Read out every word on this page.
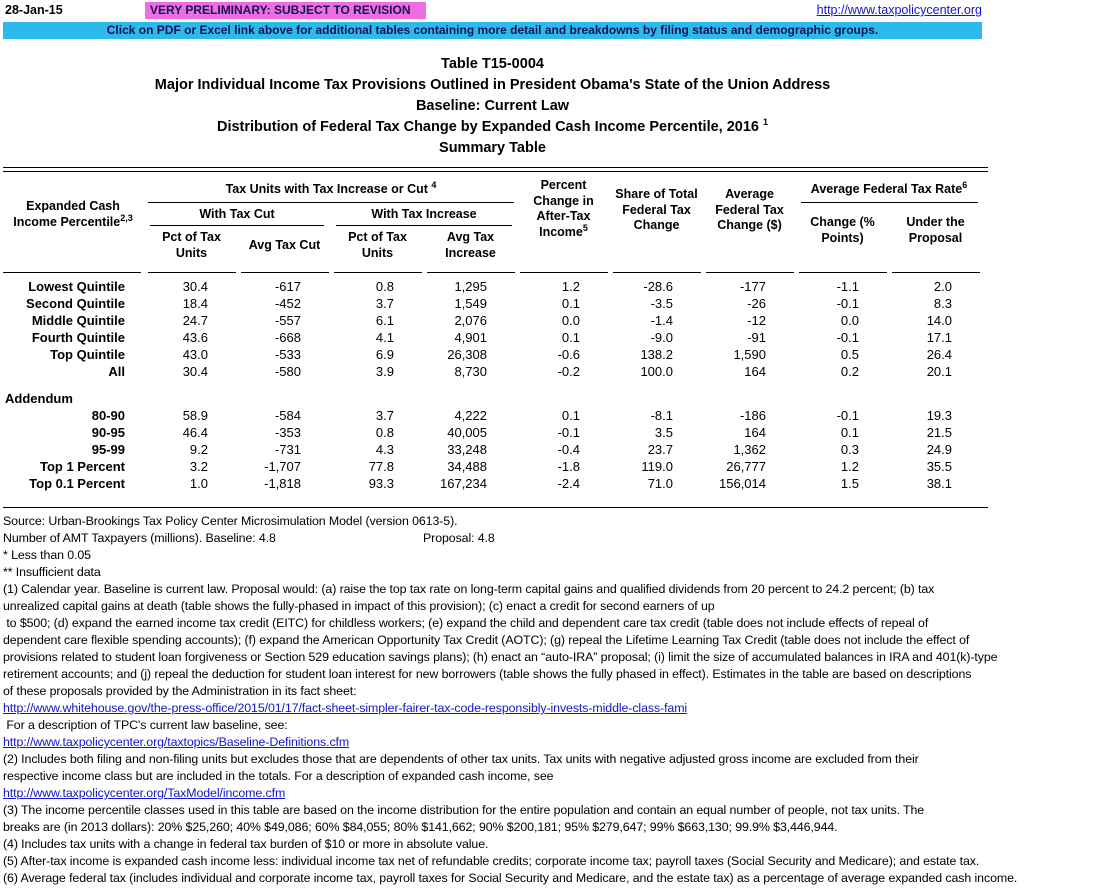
28-Jan-15	VERY PRELIMINARY: SUBJECT TO REVISION	http://www.taxpolicycenter.org
Click on PDF or Excel link above for additional tables containing more detail and breakdowns by filing status and demographic groups.
Table T15-0004
Major Individual Income Tax Provisions Outlined in President Obama's State of the Union Address
Baseline: Current Law
Distribution of Federal Tax Change by Expanded Cash Income Percentile, 2016 $^1$
Summary Table
Expanded Cash Income Percentile$^{2,3}$
Tax Units with Tax Increase or Cut $^4$
With Tax Cut	With Tax Increase
Pct of Tax Units
Avg Tax Cut
Pct of Tax Units
Avg Tax Increase
Percent Change in After-Tax Income$^5$
Share of Total Federal Tax Change
Average Federal Tax Change ($)
Average Federal Tax Rate$^6$
Change (% Points)
Under the Proposal
Lowest Quintile	30.4	-617	0.8	1,295	1.2	-28.6	-177	-1.1	2.0
Second Quintile	18.4	-452	3.7	1,549	0.1	-3.5	-26	-0.1	8.3
Middle Quintile	24.7	-557	6.1	2,076	0.0	-1.4	-12	0.0	14.0
Fourth Quintile	43.6	-668	4.1	4,901	0.1	-9.0	-91	-0.1	17.1
Top Quintile	43.0	-533	6.9	26,308	-0.6	138.2	1,590	0.5	26.4
All	30.4	-580	3.9	8,730	-0.2	100.0	164	0.2	20.1

Addendum									
80-90	58.9	-584	3.7	4,222	0.1	-8.1	-186	-0.1	19.3
90-95	46.4	-353	0.8	40,005	-0.1	3.5	164	0.1	21.5
95-99	9.2	-731	4.3	33,248	-0.4	23.7	1,362	0.3	24.9
Top 1 Percent	3.2	-1,707	77.8	34,488	-1.8	119.0	26,777	1.2	35.5
Top 0.1 Percent	1.0	-1,818	93.3	167,234	-2.4	71.0	156,014	1.5	38.1
Source: Urban-Brookings Tax Policy Center Microsimulation Model (version 0613-5).
Number of AMT Taxpayers (millions). Baseline: 4.8	Proposal: 4.8
* Less than 0.05
** Insufficient data
(1) Calendar year. Baseline is current law. Proposal would: (a) raise the top tax rate on long-term capital gains and qualified dividends from 20 percent to 24.2 percent; (b) tax
unrealized capital gains at death (table shows the fully-phased in impact of this provision); (c) enact a credit for second earners of up
to $500; (d) expand the earned income tax credit (EITC) for childless workers; (e) expand the child and dependent care tax credit (table does not include effects of repeal of
dependent care flexible spending accounts); (f) expand the American Opportunity Tax Credit (AOTC); (g) repeal the Lifetime Learning Tax Credit (table does not include the effect of
provisions related to student loan forgiveness or Section 529 education savings plans); (h) enact an “auto-IRA” proposal; (i) limit the size of accumulated balances in IRA and 401(k)-type
retirement accounts; and (j) repeal the deduction for student loan interest for new borrowers (table shows the fully phased in effect). Estimates in the table are based on descriptions
of these proposals provided by the Administration in its fact sheet:
http://www.whitehouse.gov/the-press-office/2015/01/17/fact-sheet-simpler-fairer-tax-code-responsibly-invests-middle-class-fami
For a description of TPC's current law baseline, see:
http://www.taxpolicycenter.org/taxtopics/Baseline-Definitions.cfm
(2) Includes both filing and non-filing units but excludes those that are dependents of other tax units. Tax units with negative adjusted gross income are excluded from their
respective income class but are included in the totals. For a description of expanded cash income, see
http://www.taxpolicycenter.org/TaxModel/income.cfm
(3) The income percentile classes used in this table are based on the income distribution for the entire population and contain an equal number of people, not tax units. The
breaks are (in 2013 dollars): 20% $25,260; 40% $49,086; 60% $84,055; 80% $141,662; 90% $200,181; 95% $279,647; 99% $663,130; 99.9% $3,446,944.
(4) Includes tax units with a change in federal tax burden of $10 or more in absolute value.
(5) After-tax income is expanded cash income less: individual income tax net of refundable credits; corporate income tax; payroll taxes (Social Security and Medicare); and estate tax.
(6) Average federal tax (includes individual and corporate income tax, payroll taxes for Social Security and Medicare, and the estate tax) as a percentage of average expanded cash income.
